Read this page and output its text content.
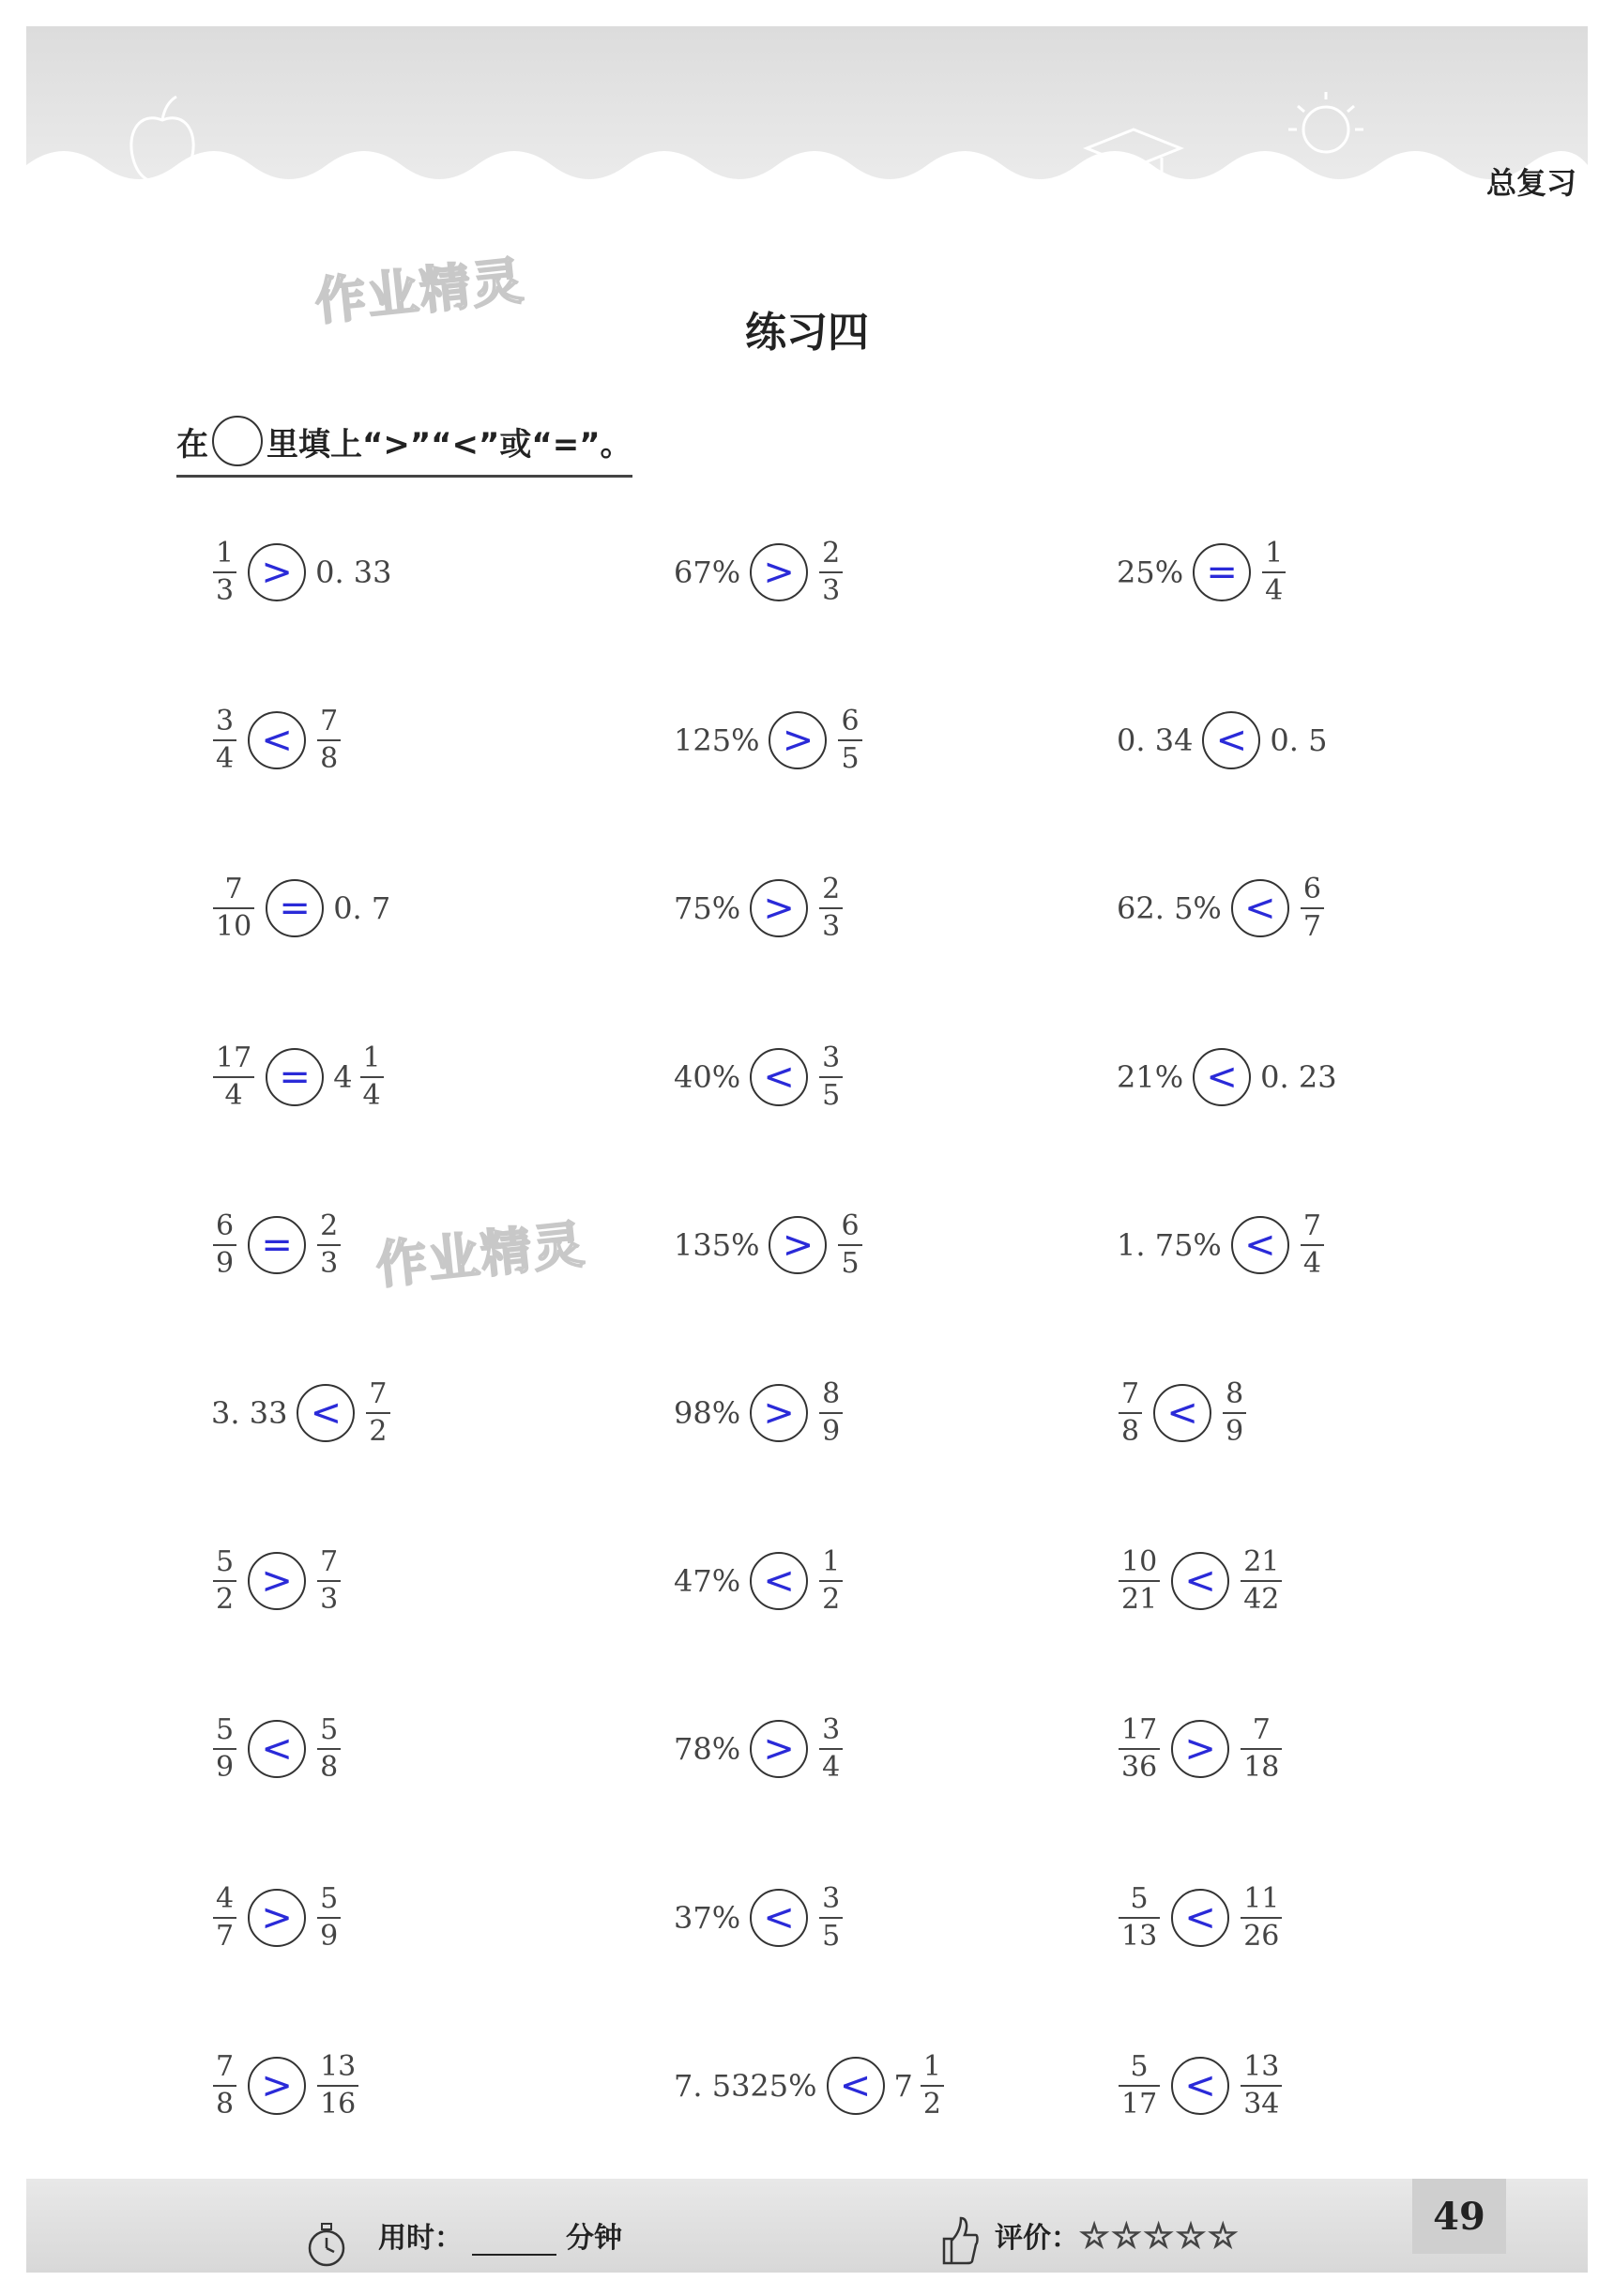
总复习
作业精灵
作业精灵
练习四
在 里填上“>”“<”或“=”。
$\frac{1}{3} > 0$. 33	$67\% > \frac{2}{3}$	$25\% = \frac{1}{4}$
$\frac{3}{4} < \frac{7}{8}$	$125\% > \frac{6}{5}$	0. 34 < 0. 5
$\frac{7}{10} = 0$. 7	$75\% > \frac{2}{3}$	62. $5\% < \frac{6}{7}$
$\frac{17}{4} = 4 \frac{1}{4}$	$40\% < \frac{3}{5}$	21% < 0. 23
$\frac{6}{9} = \frac{2}{3}$	$135\% > \frac{6}{5}$	1. $75\% < \frac{7}{4}$
3. $33 < \frac{7}{2}$	$98\% > \frac{8}{9}$	$\frac{7}{8} < \frac{8}{9}$
$\frac{5}{2} > \frac{7}{3}$	$47\% < \frac{1}{2}$	$\frac{10}{21} < \frac{21}{42}$
$\frac{5}{9} < \frac{5}{8}$	$78\% > \frac{3}{4}$	$\frac{17}{36} > \frac{7}{18}$
$\frac{4}{7} > \frac{5}{9}$	$37\% < \frac{3}{5}$	$\frac{5}{13} < \frac{11}{26}$
$\frac{7}{8} > \frac{13}{16}$	7. $5325\% < 7 \frac{1}{2}$	$\frac{5}{17} < \frac{13}{34}$
用时：	分钟	评价：☆☆☆☆☆	49
